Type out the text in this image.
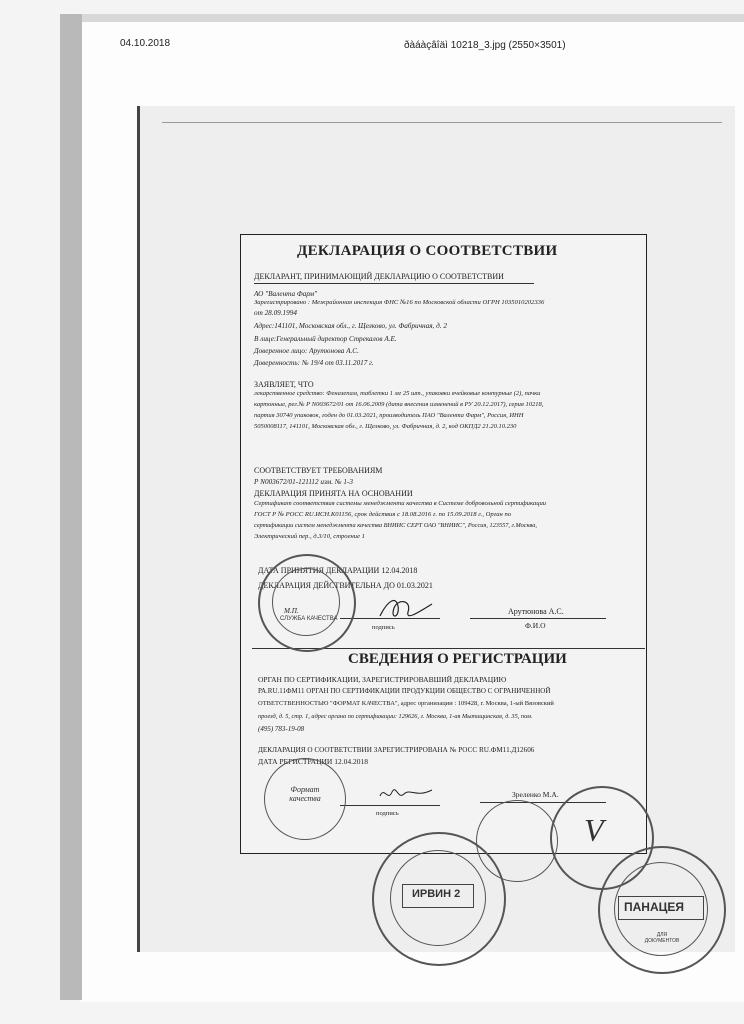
04.10.2018	ðàáàçâîäì 10218_3.jpg (2550×3501)
ДЕКЛАРАЦИЯ О СООТВЕТСТВИИ
ДЕКЛАРАНТ, ПРИНИМАЮЩИЙ ДЕКЛАРАЦИЮ О СООТВЕТСТВИИ
АО "Валента Фарм"
Зарегистрировано : Межрайонная инспекция ФНС №16 по Московской области ОГРН 1035010202336
от 28.09.1994
Адрес:141101, Московская обл., г. Щелково, ул. Фабричная, д. 2
В лице:Генеральный директор Стрекалов А.Е.
Доверенное лицо: Арутюнова А.С.
Доверенность: № 19/4 от 03.11.2017 г.
ЗАЯВЛЯЕТ, ЧТО
лекарственное средство: Феназепам, таблетки 1 мг 25 шт., упаковки ячейковые контурные (2), пачки
картонные, рег.№ Р N003672/01 от 16.06.2009 (дата внесения изменений в РУ 20.12.2017), серия 10218,
партия 30740 упаковок, годен до 01.03.2021, производитель ПАО "Валента Фарм", Россия, ИНН
5050008117, 141101, Московская обл., г. Щелково, ул. Фабричная, д. 2, код ОКПД2 21.20.10.230
СООТВЕТСТВУЕТ ТРЕБОВАНИЯМ
Р N003672/01-121112 изм. № 1-3
ДЕКЛАРАЦИЯ ПРИНЯТА НА ОСНОВАНИИ
Сертификат соответствия системы менеджмента качества в Системе добровольной сертификации
ГОСТ Р № РОСС RU.ИСН.К01156, срок действия с 18.08.2016 г. по 15.09.2018 г., Орган по
сертификации систем менеджмента качества ВНИИС СЕРТ ОАО "ВНИИС", Россия, 123557, г.Москва,
Электрический пер., д.3/10, строение 1
ДАТА ПРИНЯТИЯ ДЕКЛАРАЦИИ 12.04.2018
ДЕКЛАРАЦИЯ ДЕЙСТВИТЕЛЬНА ДО 01.03.2021
М.П.	Арутюнова А.С.
подпись	Ф.И.О
СВЕДЕНИЯ О РЕГИСТРАЦИИ
ОРГАН ПО СЕРТИФИКАЦИИ, ЗАРЕГИСТРИРОВАВШИЙ ДЕКЛАРАЦИЮ
РА.RU.11ФМ11 ОРГАН ПО СЕРТИФИКАЦИИ ПРОДУКЦИИ ОБЩЕСТВО С ОГРАНИЧЕННОЙ
ОТВЕТСТВЕННОСТЬЮ "ФОРМАТ КАЧЕСТВА", адрес организации : 109428, г. Москва, 1-ый Вязовский
проезд, д. 5, стр. 1, адрес органа по сертификации: 129626, г. Москва, 1-ая Мытищинская, д. 35, пом.
(495) 783-19-08
ДЕКЛАРАЦИЯ О СООТВЕТСТВИИ ЗАРЕГИСТРИРОВАНА № РОСС RU.ФМ11.Д12606
ДАТА РЕГИСТРАЦИИ 12.04.2018
подпись
Зреленко М.А.
СЛУЖБА КАЧЕСТВА
Формат качества
ИРВИН 2
V
ПАНАЦЕЯ
ДЛЯ ДОКУМЕНТОВ
